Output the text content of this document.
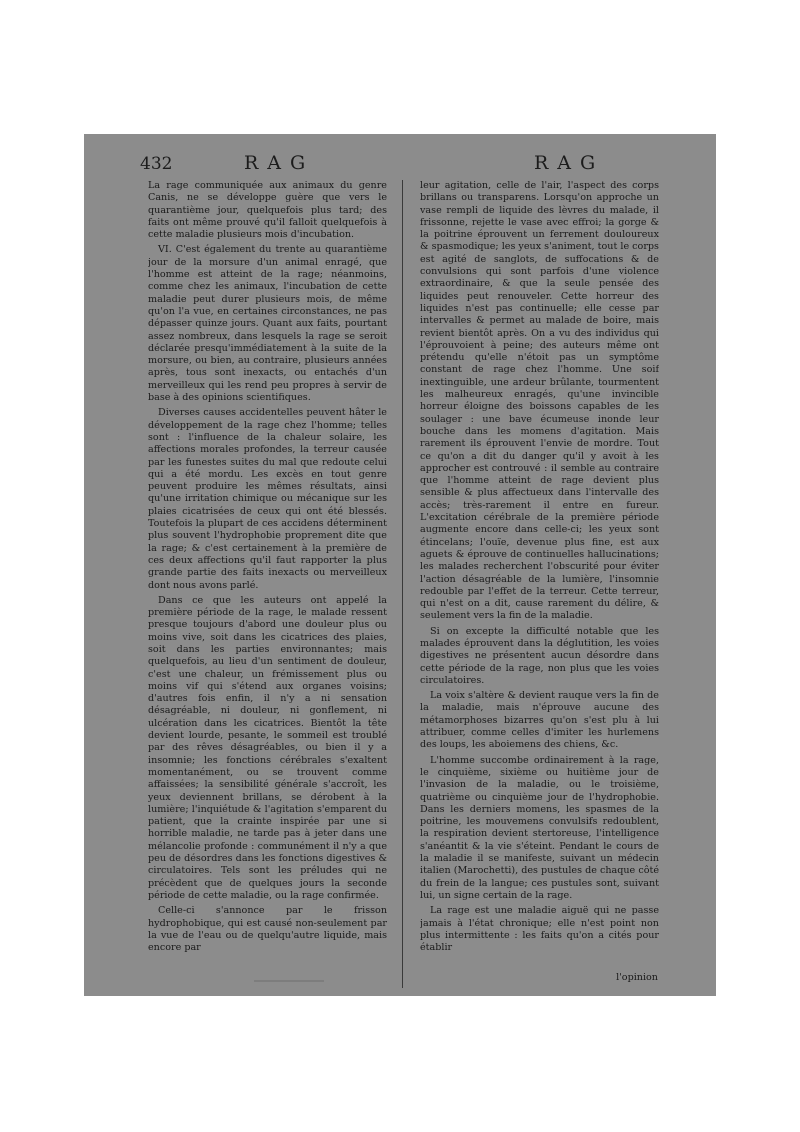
432	RAG	RAG

La rage communiquée aux animaux du genre Canis, ne se développe guère que vers le quarantième jour, quelquefois plus tard; des faits ont même prouvé qu'il falloit quelquefois à cette maladie plusieurs mois d'incubation.

VI. C'est également du trente au quarantième jour de la morsure d'un animal enragé, que l'homme est atteint de la rage; néanmoins, comme chez les animaux, l'incubation de cette maladie peut durer plusieurs mois, de même qu'on l'a vue, en certaines circonstances, ne pas dépasser quinze jours. Quant aux faits, pourtant assez nombreux, dans lesquels la rage se seroit déclarée presqu'immédiatement à la suite de la morsure, ou bien, au contraire, plusieurs années après, tous sont inexacts, ou entachés d'un merveilleux qui les rend peu propres à servir de base à des opinions scientifiques.

Diverses causes accidentelles peuvent hâter le développement de la rage chez l'homme; telles sont : l'influence de la chaleur solaire, les affections morales profondes, la terreur causée par les funestes suites du mal que redoute celui qui a été mordu. Les excès en tout genre peuvent produire les mêmes résultats, ainsi qu'une irritation chimique ou mécanique sur les plaies cicatrisées de ceux qui ont été blessés. Toutefois la plupart de ces accidens déterminent plus souvent l'hydrophobie proprement dite que la rage; & c'est certainement à la première de ces deux affections qu'il faut rapporter la plus grande partie des faits inexacts ou merveilleux dont nous avons parlé.

Dans ce que les auteurs ont appelé la première période de la rage, le malade ressent presque toujours d'abord une douleur plus ou moins vive, soit dans les cicatrices des plaies, soit dans les parties environnantes; mais quelquefois, au lieu d'un sentiment de douleur, c'est une chaleur, un frémissement plus ou moins vif qui s'étend aux organes voisins; d'autres fois enfin, il n'y a ni sensation désagréable, ni douleur, ni gonflement, ni ulcération dans les cicatrices. Bientôt la tête devient lourde, pesante, le sommeil est troublé par des rêves désagréables, ou bien il y a insomnie; les fonctions cérébrales s'exaltent momentanément, ou se trouvent comme affaissées; la sensibilité générale s'accroît, les yeux deviennent brillans, se dérobent à la lumière; l'inquiétude & l'agitation s'emparent du patient, que la crainte inspirée par une si horrible maladie, ne tarde pas à jeter dans une mélancolie profonde : communément il n'y a que peu de désordres dans les fonctions digestives & circulatoires. Tels sont les préludes qui ne précèdent que de quelques jours la seconde période de cette maladie, ou la rage confirmée.

Celle-ci s'annonce par le frisson hydrophobique, qui est causé non-seulement par la vue de l'eau ou de quelqu'autre liquide, mais encore par

leur agitation, celle de l'air, l'aspect des corps brillans ou transparens. Lorsqu'on approche un vase rempli de liquide des lèvres du malade, il frissonne, rejette le vase avec effroi; la gorge & la poitrine éprouvent un ferrement douloureux & spasmodique; les yeux s'animent, tout le corps est agité de sanglots, de suffocations & de convulsions qui sont parfois d'une violence extraordinaire, & que la seule pensée des liquides peut renouveler. Cette horreur des liquides n'est pas continuelle; elle cesse par intervalles & permet au malade de boire, mais revient bientôt après. On a vu des individus qui l'éprouvoient à peine; des auteurs même ont prétendu qu'elle n'étoit pas un symptôme constant de rage chez l'homme. Une soif inextinguible, une ardeur brûlante, tourmentent les malheureux enragés, qu'une invincible horreur éloigne des boissons capables de les soulager : une bave écumeuse inonde leur bouche dans les momens d'agitation. Mais rarement ils éprouvent l'envie de mordre. Tout ce qu'on a dit du danger qu'il y avoit à les approcher est controuvé : il semble au contraire que l'homme atteint de rage devient plus sensible & plus affectueux dans l'intervalle des accès; très-rarement il entre en fureur. L'excitation cérébrale de la première période augmente encore dans celle-ci; les yeux sont étincelans; l'ouïe, devenue plus fine, est aux aguets & éprouve de continuelles hallucinations; les malades recherchent l'obscurité pour éviter l'action désagréable de la lumière, l'insomnie redouble par l'effet de la terreur. Cette terreur, qui n'est on a dit, cause rarement du délire, & seulement vers la fin de la maladie.

Si on excepte la difficulté notable que les malades éprouvent dans la déglutition, les voies digestives ne présentent aucun désordre dans cette période de la rage, non plus que les voies circulatoires.

La voix s'altère & devient rauque vers la fin de la maladie, mais n'éprouve aucune des métamorphoses bizarres qu'on s'est plu à lui attribuer, comme celles d'imiter les hurlemens des loups, les aboiemens des chiens, &c.

L'homme succombe ordinairement à la rage, le cinquième, sixième ou huitième jour de l'invasion de la maladie, ou le troisième, quatrième ou cinquième jour de l'hydrophobie. Dans les derniers momens, les spasmes de la poitrine, les mouvemens convulsifs redoublent, la respiration devient stertoreuse, l'intelligence s'anéantit & la vie s'éteint. Pendant le cours de la maladie il se manifeste, suivant un médecin italien (Marochetti), des pustules de chaque côté du frein de la langue; ces pustules sont, suivant lui, un signe certain de la rage.

La rage est une maladie aiguë qui ne passe jamais à l'état chronique; elle n'est point non plus intermittente : les faits qu'on a cités pour établir

l'opinion
